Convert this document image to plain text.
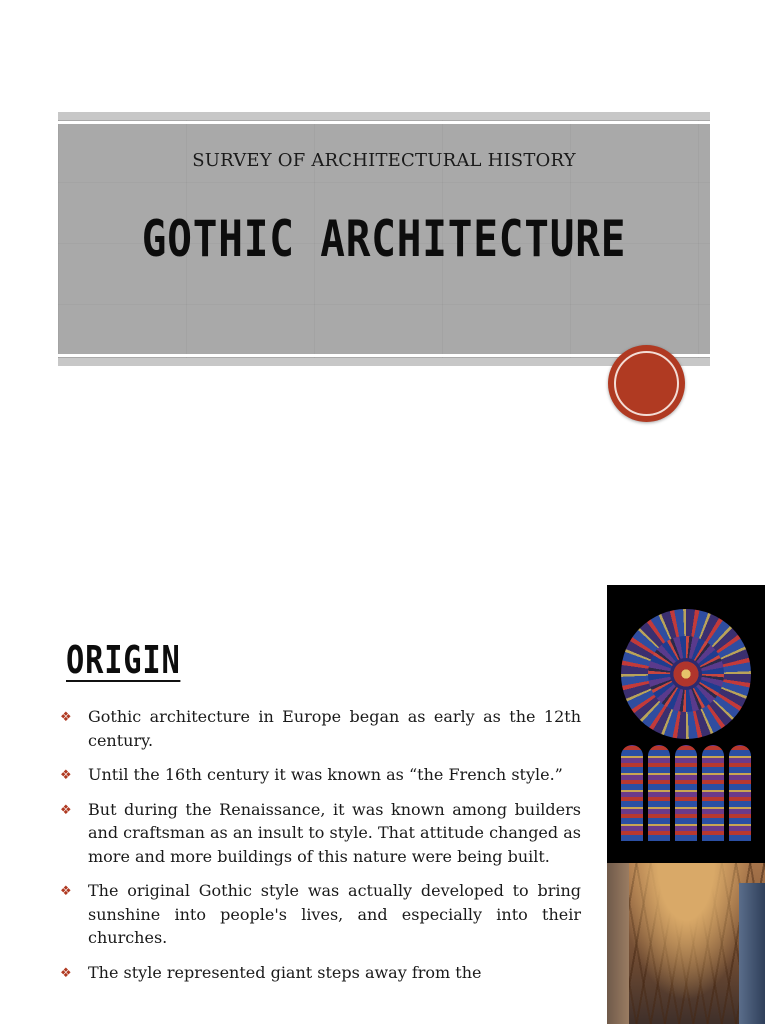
SURVEY OF ARCHITECTURAL HISTORY
GOTHIC ARCHITECTURE
ORIGIN
❖ Gothic architecture in Europe began as early as the 12th century.
❖ Until the 16th century it was known as “the French style.”
❖ But during the Renaissance, it was known among builders and craftsman as an insult to style. That attitude changed as more and more buildings of this nature were being built.
❖ The original Gothic style was actually developed to bring sunshine into people's lives, and especially into their churches.
❖ The style represented giant steps away from the
